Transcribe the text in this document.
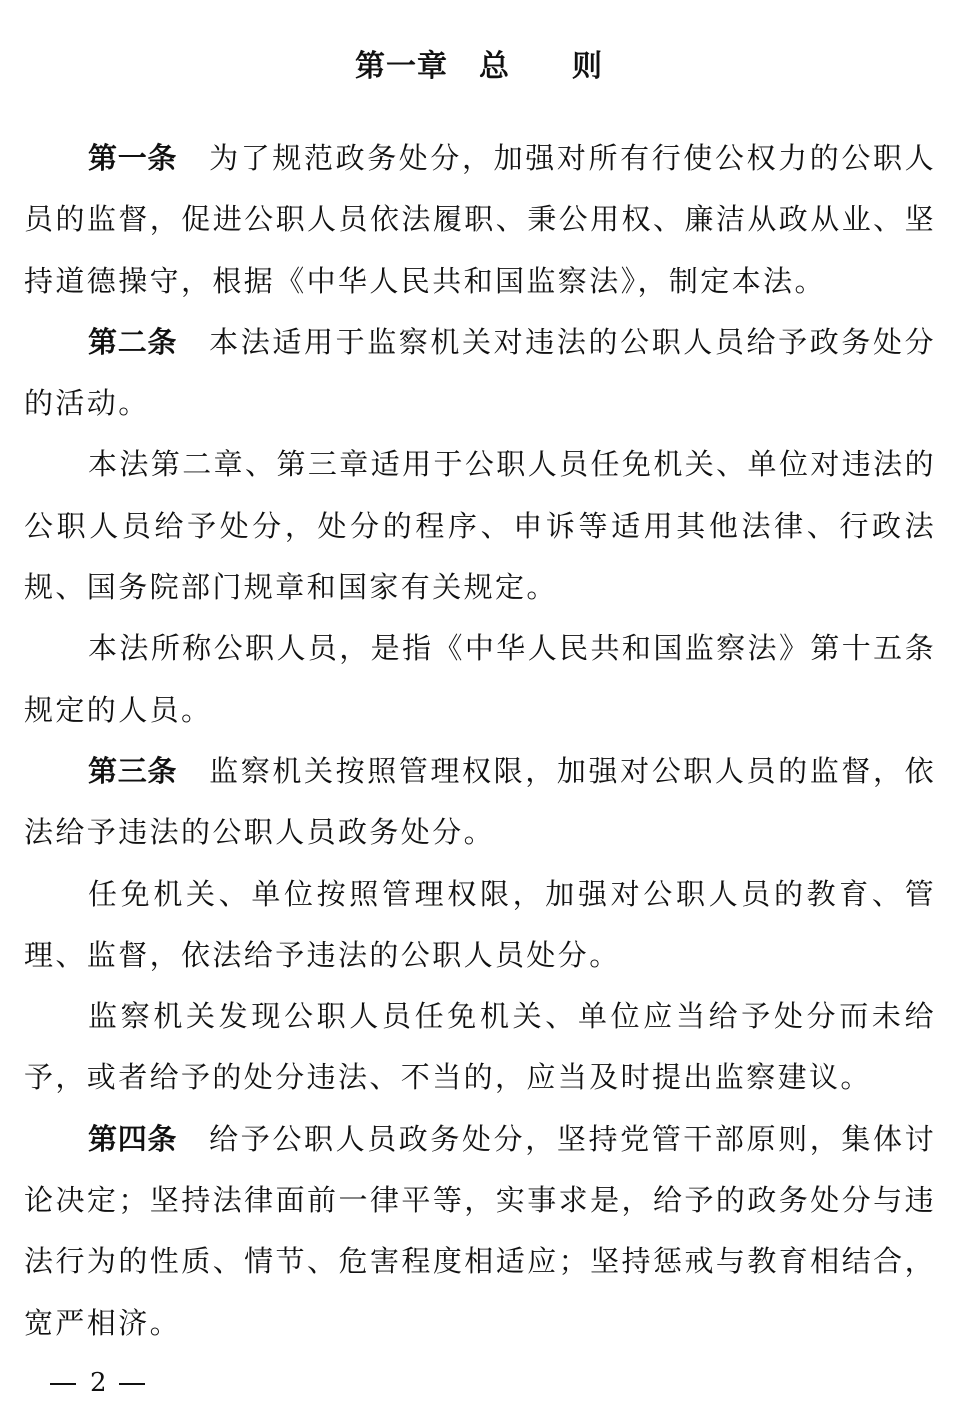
第一章　总　　则

第一条 为了规范政务处分，加强对所有行使公权力的公职人员的监督，促进公职人员依法履职、秉公用权、廉洁从政从业、坚持道德操守，根据《中华人民共和国监察法》，制定本法。

第二条 本法适用于监察机关对违法的公职人员给予政务处分的活动。

本法第二章、第三章适用于公职人员任免机关、单位对违法的公职人员给予处分，处分的程序、申诉等适用其他法律、行政法规、国务院部门规章和国家有关规定。

本法所称公职人员，是指《中华人民共和国监察法》第十五条规定的人员。

第三条 监察机关按照管理权限，加强对公职人员的监督，依法给予违法的公职人员政务处分。

任免机关、单位按照管理权限，加强对公职人员的教育、管理、监督，依法给予违法的公职人员处分。

监察机关发现公职人员任免机关、单位应当给予处分而未给予，或者给予的处分违法、不当的，应当及时提出监察建议。

第四条 给予公职人员政务处分，坚持党管干部原则，集体讨论决定；坚持法律面前一律平等，实事求是，给予的政务处分与违法行为的性质、情节、危害程度相适应；坚持惩戒与教育相结合，宽严相济。

2
